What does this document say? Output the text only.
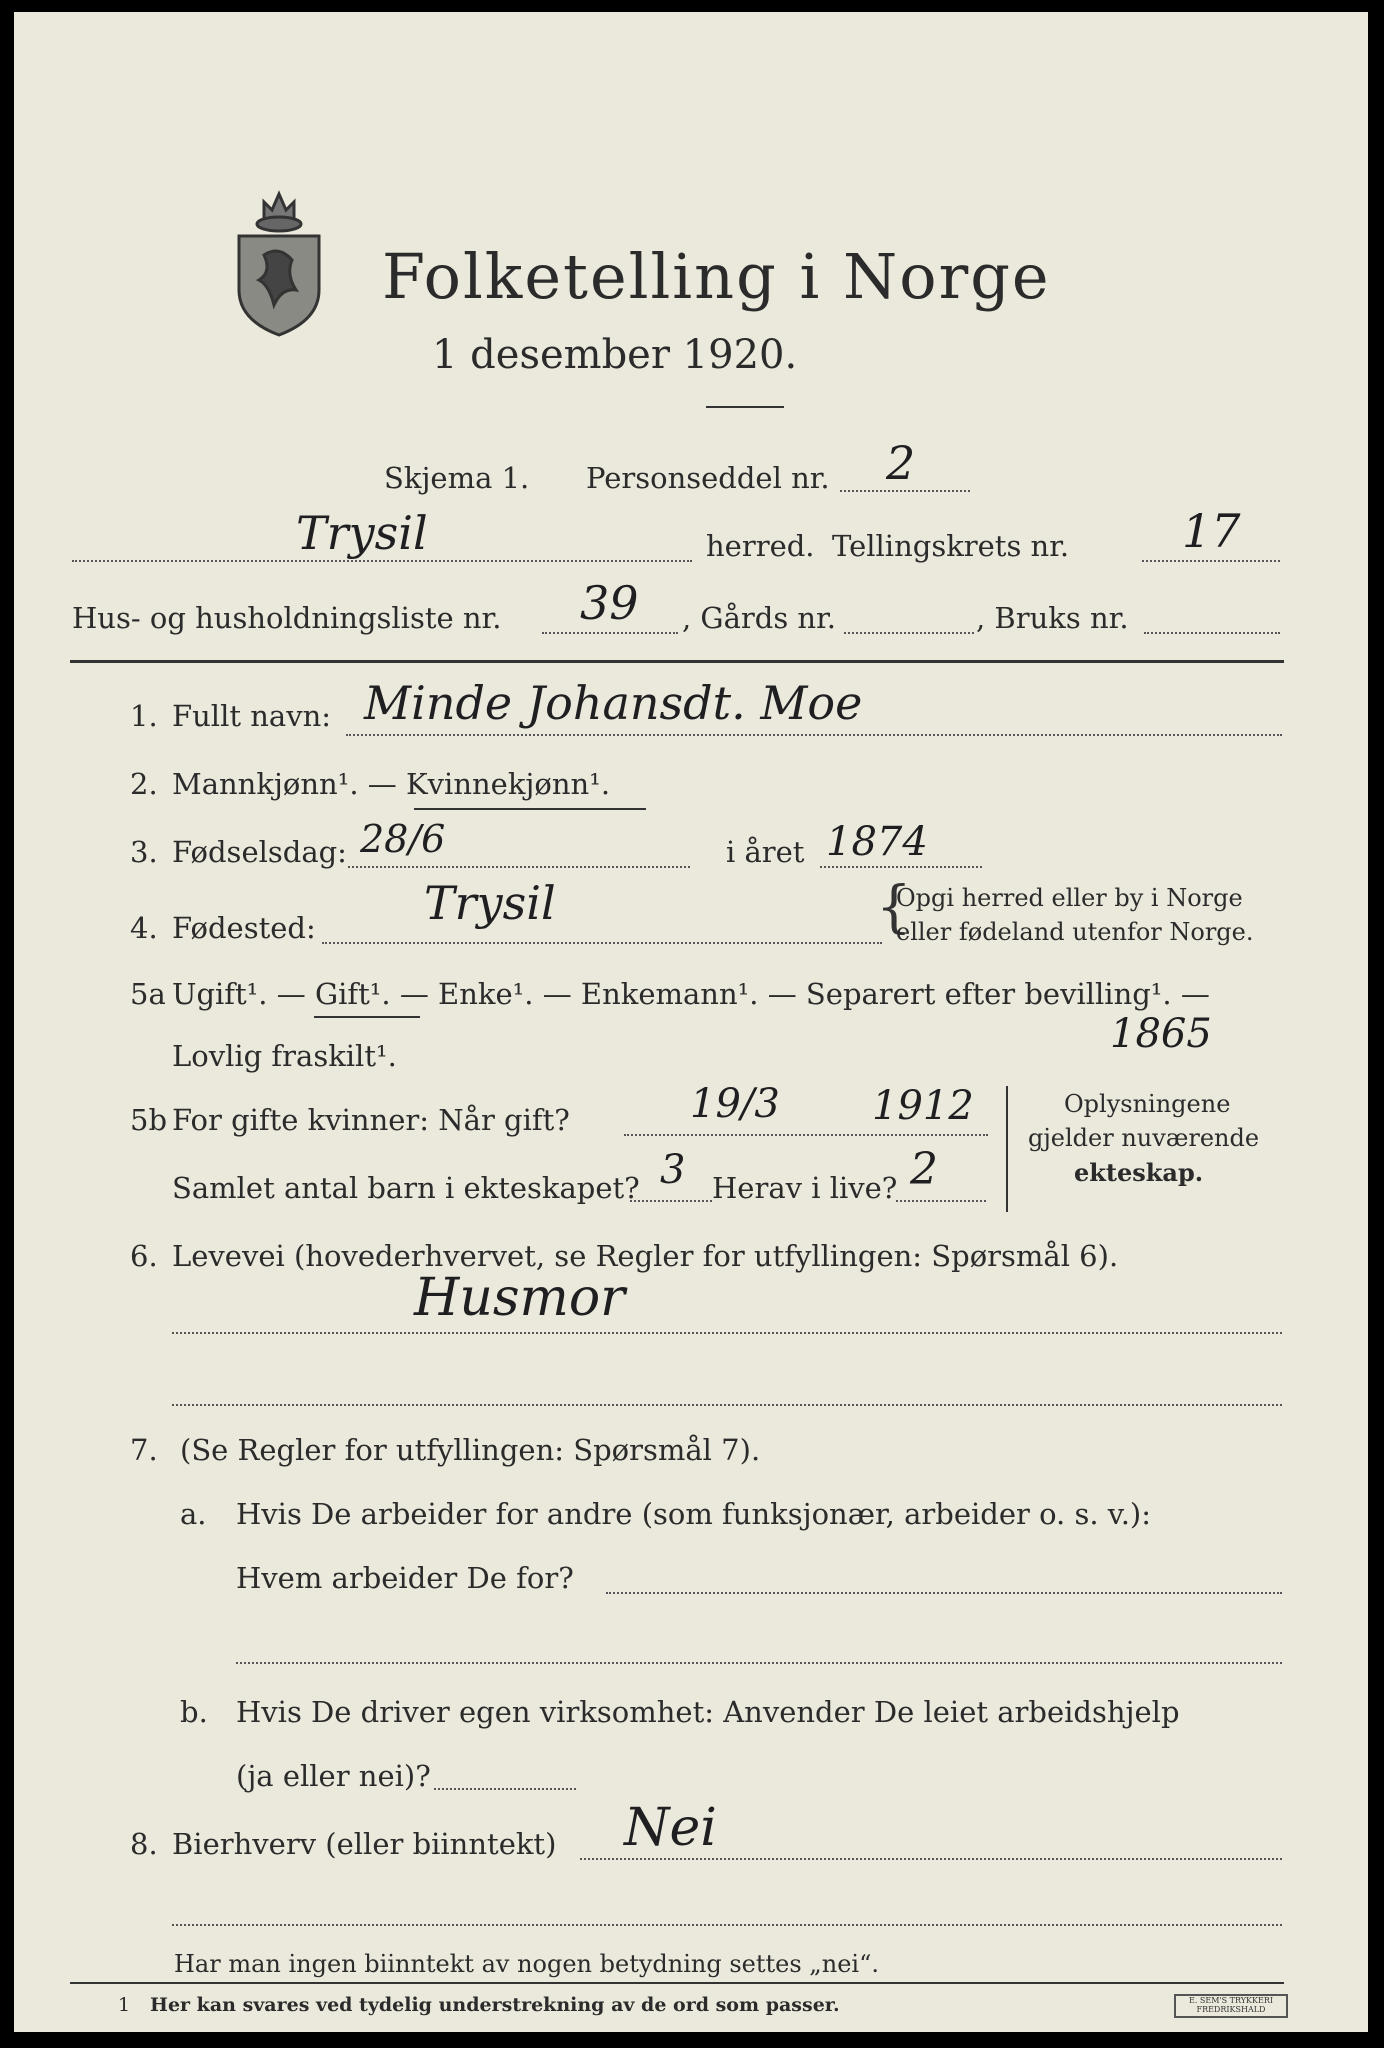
Folketelling i Norge
1 desember 1920.
Skjema 1. Personseddel nr. 2
Trysil	herred. Tellingskrets nr. 17
Hus- og husholdningsliste nr. 39 , Gårds nr.	, Bruks nr.
1. Fullt navn: Minde Johansdt. Moe
2. Mannkjønn¹. — Kvinnekjønn¹.
3. Fødselsdag: 28/6	i året 1874
4. Fødested: Trysil	{
Opgi herred eller by i Norge
eller fødeland utenfor Norge.
5a Ugift¹. — Gift¹. — Enke¹. — Enkemann¹. — Separert efter bevilling¹. —
Lovlig fraskilt¹.	1865
5b For gifte kvinner: Når gift?	19/3 1912
Samlet antal barn i ekteskapet? 3 Herav i live? 2
Oplysningene
gjelder nuværende
ekteskap.
6. Levevei (hovederhvervet, se Regler for utfyllingen: Spørsmål 6).
Husmor
7. (Se Regler for utfyllingen: Spørsmål 7).
a. Hvis De arbeider for andre (som funksjonær, arbeider o. s. v.):
Hvem arbeider De for?
b. Hvis De driver egen virksomhet: Anvender De leiet arbeidshjelp
(ja eller nei)?
8. Bierhverv (eller biinntekt) Nei
Har man ingen biinntekt av nogen betydning settes „nei“.
1 Her kan svares ved tydelig understrekning av de ord som passer.	E. SEM'S TRYKKERI FREDRIKSHALD
